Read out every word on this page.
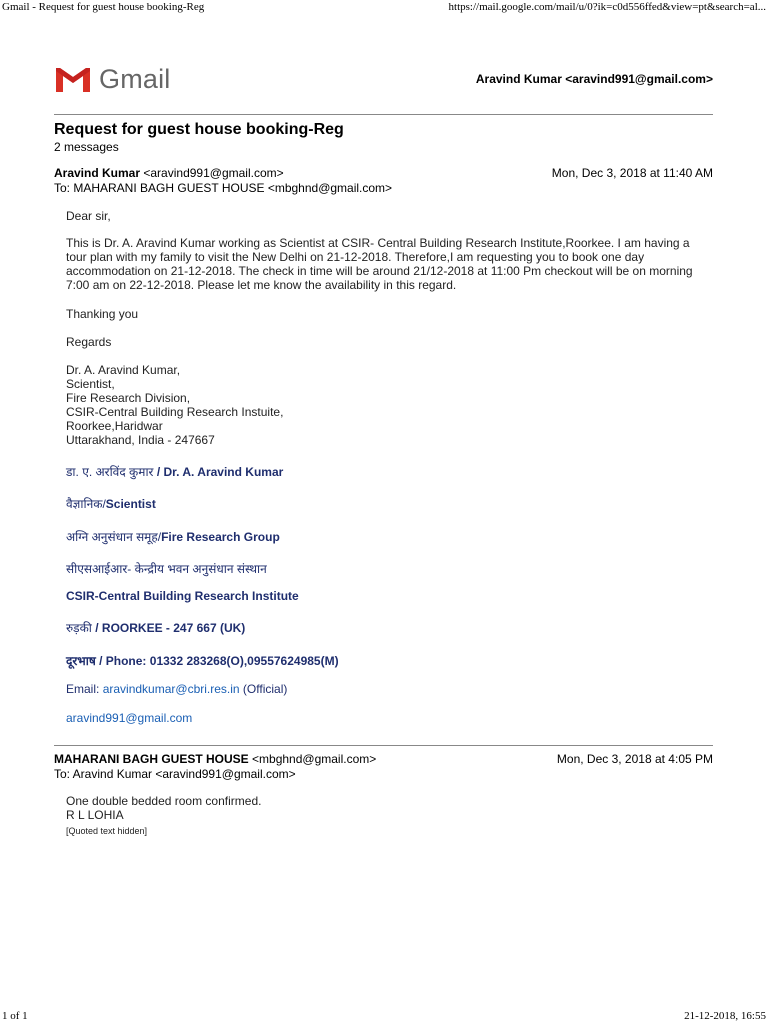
Gmail - Request for guest house booking-Reg	https://mail.google.com/mail/u/0?ik=c0d556ffed&view=pt&search=al...
Gmail	Aravind Kumar <aravind991@gmail.com>
Request for guest house booking-Reg
2 messages
Aravind Kumar <aravind991@gmail.com>	Mon, Dec 3, 2018 at 11:40 AM
To: MAHARANI BAGH GUEST HOUSE <mbghnd@gmail.com>

Dear sir,

This is Dr. A. Aravind Kumar working as Scientist at CSIR- Central Building Research Institute,Roorkee. I am having a tour plan with my family to visit the New Delhi on 21-12-2018. Therefore,I am requesting you to book one day accommodation on 21-12-2018. The check in time will be around 21/12-2018 at 11:00 Pm checkout will be on morning 7:00 am on 22-12-2018. Please let me know the availability in this regard.

Thanking you

Regards

Dr. A. Aravind Kumar,

Scientist,

Fire Research Division,

CSIR-Central Building Research Instuite,

Roorkee,Haridwar

Uttarakhand, India - 247667

डा. ए. अरविंद कुमार / Dr. A. Aravind Kumar
वैज्ञानिक/Scientist
अग्नि अनुसंधान समूह/Fire Research Group
सीएसआईआर- केन्द्रीय भवन अनुसंधान संस्थान
CSIR-Central Building Research Institute
रुड़की / ROORKEE - 247 667 (UK)
दूरभाष / Phone: 01332 283268(O),09557624985(M)
Email: aravindkumar@cbri.res.in (Official)
aravind991@gmail.com
MAHARANI BAGH GUEST HOUSE <mbghnd@gmail.com>	Mon, Dec 3, 2018 at 4:05 PM
To: Aravind Kumar <aravind991@gmail.com>

One double bedded room confirmed.

R L LOHIA

[Quoted text hidden]
1 of 1	21-12-2018, 16:55
